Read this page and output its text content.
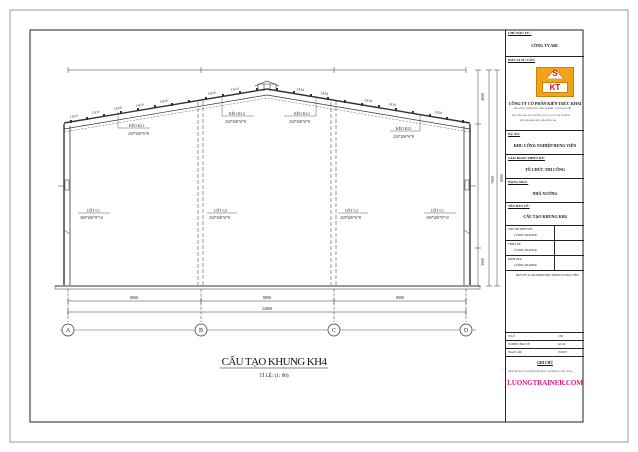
1A50
1A50
1A50
1A50
1A50
1A50
1A50	1A50
1A50
1A50
1A50
1A50
KÈO KL1
250*200*6*8
KÈO KL2
250*200*6*8
KÈO KL2
250*200*6*8
KÈO KL1
250*200*6*8
CỘT C1
300*200*8*10
CỘT C2
250*200*6*8
CỘT C2
250*200*6*8
CỘT C1
300*200*8*10
8000	8000	8000
24000
4000
3000
7000 8000
A	B	C	D
CẤU TẠO KHUNG KH4
TỈ LỆ: (1: 90)
CHỦ ĐẦU TƯ :
CÔNG TY ABC
ĐƠN VỊ TƯ VẤN:
S
KT
CÔNG TY CỔ PHẦN KIẾN TRÚC KHAI
KHAI THÁC KIẾN TRÚC CÔNG NGHIỆP - TÂN SÁCH VIỆT
ĐỊA CHỈ: 245A LÊ VĂN THỌ, P.11, Q. GÒ VẤP, TP.HCM
ĐT: (08) 6686 3389 - DĐ: 0989 1234
DỰ ÁN:
KHU CÔNG NGHIỆP HUNG VIÊN
GIAI ĐOẠN THIẾT KẾ:
TỔ CHỨC THI CÔNG
HẠNG MỤC:
NHÀ XƯỞNG
TÊN BẢN VẼ:
CẤU TẠO KHUNG KH4
CHỦ TRÌ THIẾT KẾ:
LƯƠNG TRAINER
THIẾT KẾ:
LƯƠNG TRAINER
KIỂM TRA:
LƯƠNG TRAINER
BẢN VẼ LÀ SẢN PHẨM THỰC HÀNH CỦA HỌC VIÊN
TỈ LỆ	1:90
SỐ HIỆU BẢN VẼ	KC-01
NGÀY LẬP	01/2017
GHI CHÚ
LIÊN HỆ ĐÀO TẠO THIẾT KẾ KẾT CẤU THÉP VÀ DỰ TOÁN
LUONGTRAINER.COM
